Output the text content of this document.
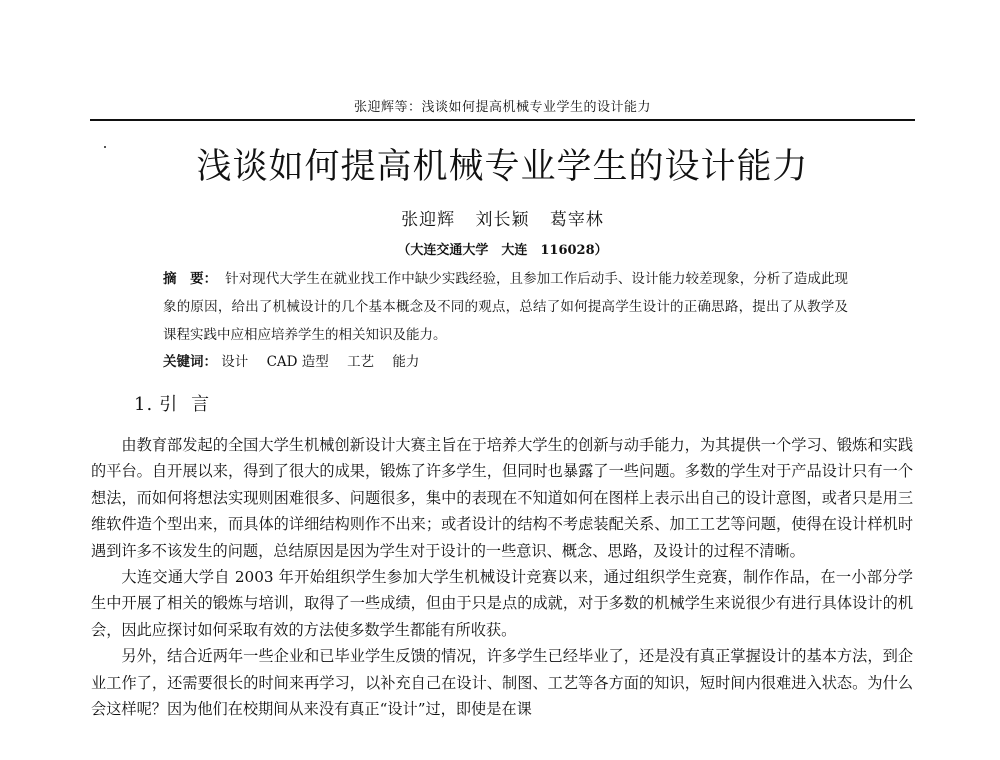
张迎辉等：浅谈如何提高机械专业学生的设计能力
浅谈如何提高机械专业学生的设计能力
张迎辉 刘长颖 葛宰林
（大连交通大学　大连　116028）
摘　要： 针对现代大学生在就业找工作中缺少实践经验，且参加工作后动手、设计能力较差现象，分析了造成此现象的原因，给出了机械设计的几个基本概念及不同的观点，总结了如何提高学生设计的正确思路，提出了从教学及课程实践中应相应培养学生的相关知识及能力。
关键词： 设计 CAD 造型 工艺 能力
1. 引言

由教育部发起的全国大学生机械创新设计大赛主旨在于培养大学生的创新与动手能力，为其提供一个学习、锻炼和实践的平台。自开展以来，得到了很大的成果，锻炼了许多学生，但同时也暴露了一些问题。多数的学生对于产品设计只有一个想法，而如何将想法实现则困难很多、问题很多，集中的表现在不知道如何在图样上表示出自己的设计意图，或者只是用三维软件造个型出来，而具体的详细结构则作不出来；或者设计的结构不考虑装配关系、加工工艺等问题，使得在设计样机时遇到许多不该发生的问题，总结原因是因为学生对于设计的一些意识、概念、思路，及设计的过程不清晰。

大连交通大学自 2003 年开始组织学生参加大学生机械设计竞赛以来，通过组织学生竞赛，制作作品，在一小部分学生中开展了相关的锻炼与培训，取得了一些成绩，但由于只是点的成就，对于多数的机械学生来说很少有进行具体设计的机会，因此应探讨如何采取有效的方法使多数学生都能有所收获。

另外，结合近两年一些企业和已毕业学生反馈的情况，许多学生已经毕业了，还是没有真正掌握设计的基本方法，到企业工作了，还需要很长的时间来再学习，以补充自己在设计、制图、工艺等各方面的知识，短时间内很难进入状态。为什么会这样呢？因为他们在校期间从来没有真正“设计”过，即使是在课
